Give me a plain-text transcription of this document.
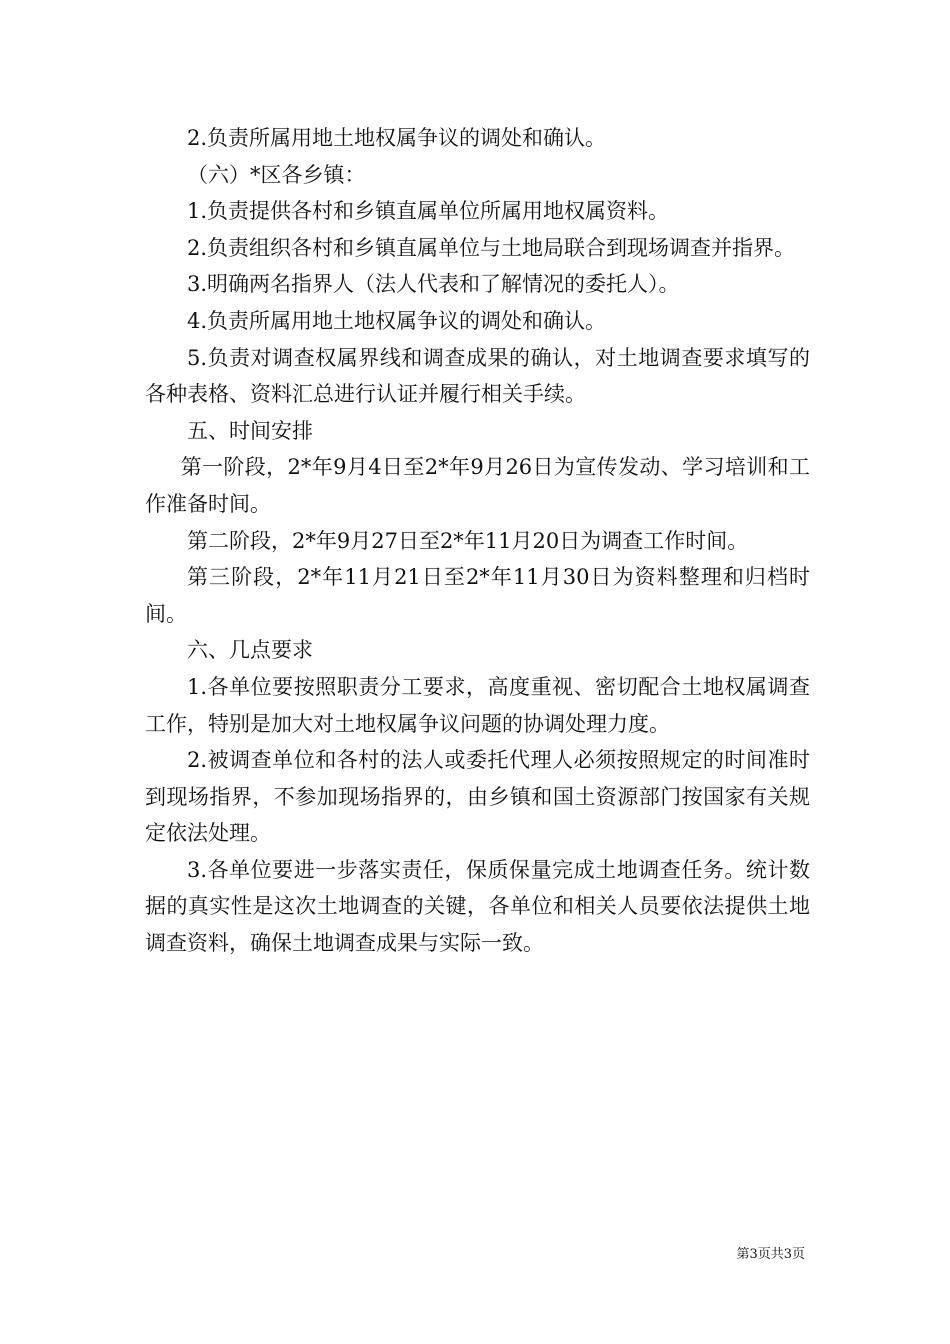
2.负责所属用地土地权属争议的调处和确认。

（六）*区各乡镇：

1.负责提供各村和乡镇直属单位所属用地权属资料。

2.负责组织各村和乡镇直属单位与土地局联合到现场调查并指界。

3.明确两名指界人（法人代表和了解情况的委托人）。

4.负责所属用地土地权属争议的调处和确认。

5.负责对调查权属界线和调查成果的确认，对土地调查要求填写的各种表格、资料汇总进行认证并履行相关手续。

五、时间安排

第一阶段，2*年9月4日至2*年9月26日为宣传发动、学习培训和工作准备时间。

第二阶段，2*年9月27日至2*年11月20日为调查工作时间。

第三阶段，2*年11月21日至2*年11月30日为资料整理和归档时间。

六、几点要求

1.各单位要按照职责分工要求，高度重视、密切配合土地权属调查工作，特别是加大对土地权属争议问题的协调处理力度。

2.被调查单位和各村的法人或委托代理人必须按照规定的时间准时到现场指界，不参加现场指界的，由乡镇和国土资源部门按国家有关规定依法处理。

3.各单位要进一步落实责任，保质保量完成土地调查任务。统计数据的真实性是这次土地调查的关键，各单位和相关人员要依法提供土地调查资料，确保土地调查成果与实际一致。

第3页共3页
